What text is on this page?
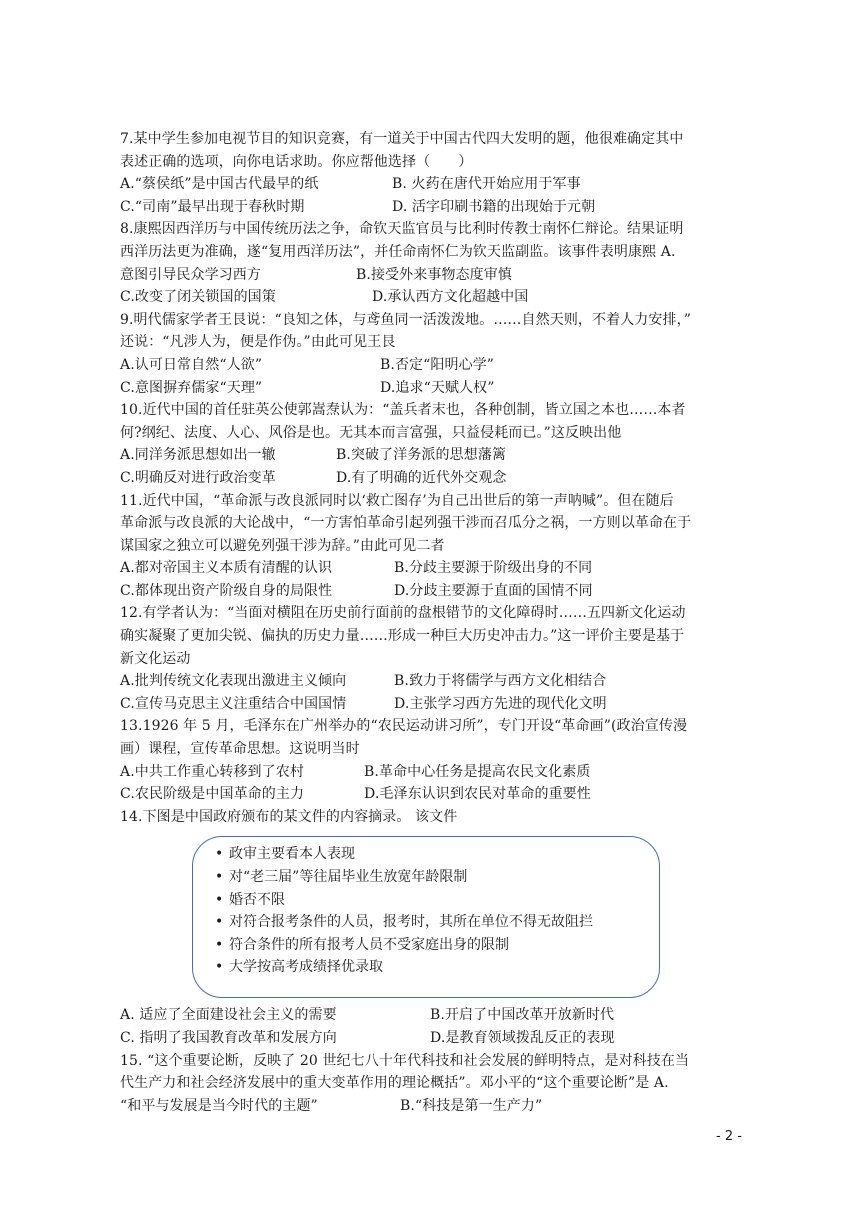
7.某中学生参加电视节目的知识竞赛，有一道关于中国古代四大发明的题，他很难确定其中
表述正确的选项，向你电话求助。你应帮他选择（　　）
A.“蔡侯纸”是中国古代最早的纸	B. 火药在唐代开始应用于军事
C.“司南”最早出现于春秋时期	D. 活字印刷书籍的出现始于元朝
8.康熙因西洋历与中国传统历法之争，命钦天监官员与比利时传教士南怀仁辩论。结果证明
西洋历法更为准确，遂“复用西洋历法”，并任命南怀仁为钦天监副监。该事件表明康熙 A.
意图引导民众学习西方	B.接受外来事物态度审慎
C.改变了闭关锁国的国策	D.承认西方文化超越中国
9.明代儒家学者王艮说：“良知之体，与鸢鱼同一活泼泼地。……自然天则，不着人力安排，”
还说：“凡涉人为，便是作伪。”由此可见王艮
A.认可日常自然“人欲”	B.否定“阳明心学”
C.意图摒弃儒家“天理”	D.追求“天赋人权”
10.近代中国的首任驻英公使郭嵩焘认为：“盖兵者末也，各种创制，皆立国之本也……本者
何?纲纪、法度、人心、风俗是也。无其本而言富强，只益侵耗而已。”这反映出他
A.同洋务派思想如出一辙	B.突破了洋务派的思想藩篱
C.明确反对进行政治变革	D.有了明确的近代外交观念
11.近代中国，“革命派与改良派同时以‘救亡图存’为自己出世后的第一声呐喊”。但在随后
革命派与改良派的大论战中，“一方害怕革命引起列强干涉而召瓜分之祸，一方则以革命在于
谋国家之独立可以避免列强干涉为辞。”由此可见二者
A.都对帝国主义本质有清醒的认识	B.分歧主要源于阶级出身的不同
C.都体现出资产阶级自身的局限性	D.分歧主要源于直面的国情不同
12.有学者认为：“当面对横阻在历史前行面前的盘根错节的文化障碍时……五四新文化运动
确实凝聚了更加尖锐、偏执的历史力量……形成一种巨大历史冲击力。”这一评价主要是基于
新文化运动
A.批判传统文化表现出激进主义倾向	B.致力于将儒学与西方文化相结合
C.宣传马克思主义注重结合中国国情	D.主张学习西方先进的现代化文明
13.1926 年 5 月，毛泽东在广州举办的“农民运动讲习所”，专门开设“革命画”(政治宣传漫
画）课程，宣传革命思想。这说明当时
A.中共工作重心转移到了农村	B.革命中心任务是提高农民文化素质
C.农民阶级是中国革命的主力	D.毛泽东认识到农民对革命的重要性
14.下图是中国政府颁布的某文件的内容摘录。 该文件
• 政审主要看本人表现
• 对“老三届”等往届毕业生放宽年龄限制
• 婚否不限
• 对符合报考条件的人员，报考时，其所在单位不得无故阻拦
• 符合条件的所有报考人员不受家庭出身的限制
• 大学按高考成绩择优录取
A. 适应了全面建设社会主义的需要	B.开启了中国改革开放新时代
C. 指明了我国教育改革和发展方向	D.是教育领域拨乱反正的表现
15. “这个重要论断，反映了 20 世纪七八十年代科技和社会发展的鲜明特点，是对科技在当
代生产力和社会经济发展中的重大变革作用的理论概括”。邓小平的“这个重要论断”是 A.
“和平与发展是当今时代的主题”	B.“科技是第一生产力”
- 2 -
